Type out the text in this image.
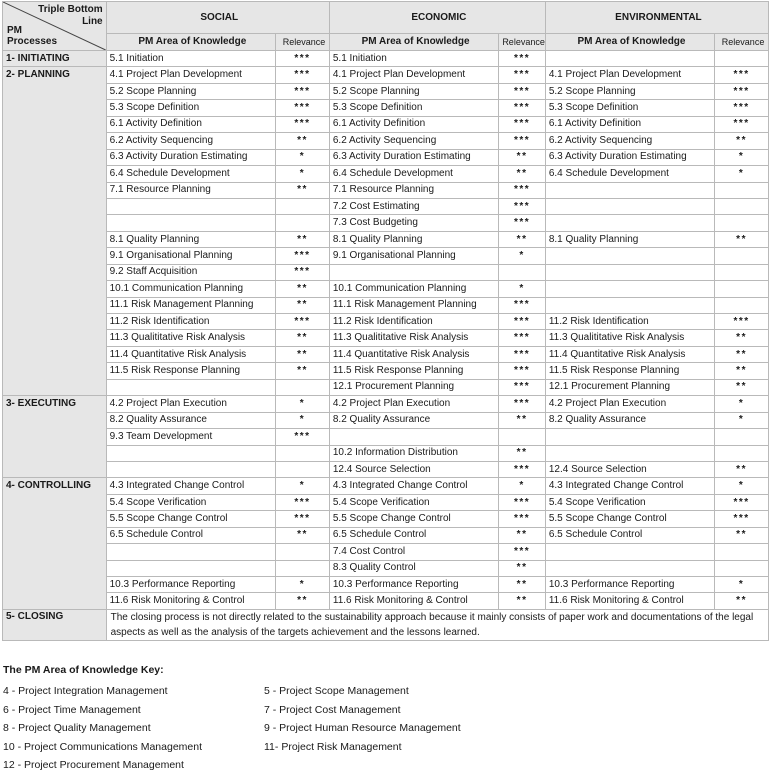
Triple Bottom Line
PM Processes	SOCIAL		ECONOMIC		ENVIRONMENTAL	
	PM Area of Knowledge	Relevance	PM Area of Knowledge	Relevance	PM Area of Knowledge	Relevance
1- INITIATING	5.1 Initiation	***	5.1 Initiation	***		
2- PLANNING	4.1 Project Plan Development	***	4.1 Project Plan Development	***	4.1 Project Plan Development	***
	5.2 Scope Planning	***	5.2 Scope Planning	***	5.2 Scope Planning	***
	5.3 Scope Definition	***	5.3 Scope Definition	***	5.3 Scope Definition	***
	6.1 Activity Definition	***	6.1 Activity Definition	***	6.1 Activity Definition	***
	6.2 Activity Sequencing	**	6.2 Activity Sequencing	***	6.2 Activity Sequencing	**
	6.3 Activity Duration Estimating	*	6.3 Activity Duration Estimating	**	6.3 Activity Duration Estimating	*
	6.4 Schedule Development	*	6.4 Schedule Development	**	6.4 Schedule Development	*
	7.1 Resource Planning	**	7.1 Resource Planning	***		
			7.2 Cost Estimating	***		
			7.3 Cost Budgeting	***		
	8.1 Quality Planning	**	8.1 Quality Planning	**	8.1 Quality Planning	**
	9.1 Organisational Planning	***	9.1 Organisational Planning	*		
	9.2 Staff Acquisition	***				
	10.1 Communication Planning	**	10.1 Communication Planning	*		
	11.1 Risk Management Planning	**	11.1 Risk Management Planning	***		
	11.2 Risk Identification	***	11.2 Risk Identification	***	11.2 Risk Identification	***
	11.3 Qualititative Risk Analysis	**	11.3 Qualititative Risk Analysis	***	11.3 Qualititative Risk Analysis	**
	11.4 Quantitative Risk Analysis	**	11.4 Quantitative Risk Analysis	***	11.4 Quantitative Risk Analysis	**
	11.5 Risk Response Planning	**	11.5 Risk Response Planning	***	11.5 Risk Response Planning	**
			12.1 Procurement Planning	***	12.1 Procurement Planning	**
3- EXECUTING	4.2 Project Plan Execution	*	4.2 Project Plan Execution	***	4.2 Project Plan Execution	*
	8.2 Quality Assurance	*	8.2 Quality Assurance	**	8.2 Quality Assurance	*
	9.3 Team Development	***				
			10.2 Information Distribution	**		
			12.4 Source Selection	***	12.4 Source Selection	**
4- CONTROLLING	4.3 Integrated Change Control	*	4.3 Integrated Change Control	*	4.3 Integrated Change Control	*
	5.4 Scope Verification	***	5.4 Scope Verification	***	5.4 Scope Verification	***
	5.5 Scope Change Control	***	5.5 Scope Change Control	***	5.5 Scope Change Control	***
	6.5 Schedule Control	**	6.5 Schedule Control	**	6.5 Schedule Control	**
			7.4 Cost Control	***		
			8.3 Quality Control	**		
	10.3 Performance Reporting	*	10.3 Performance Reporting	**	10.3 Performance Reporting	*
	11.6 Risk Monitoring & Control	**	11.6 Risk Monitoring & Control	**	11.6 Risk Monitoring & Control	**
5- CLOSING	The closing process is not directly related to the sustainability approach because it mainly consists of paper work and documentations of the legal aspects as well as the analysis of the targets achievement and the lessons learned.					
The PM Area of Knowledge Key:
4 - Project Integration Management	5 - Project Scope Management
6 - Project Time Management	7 - Project Cost Management
8 - Project Quality Management	9 - Project Human Resource Management
10 - Project Communications Management	11- Project Risk Management
12 - Project Procurement Management
